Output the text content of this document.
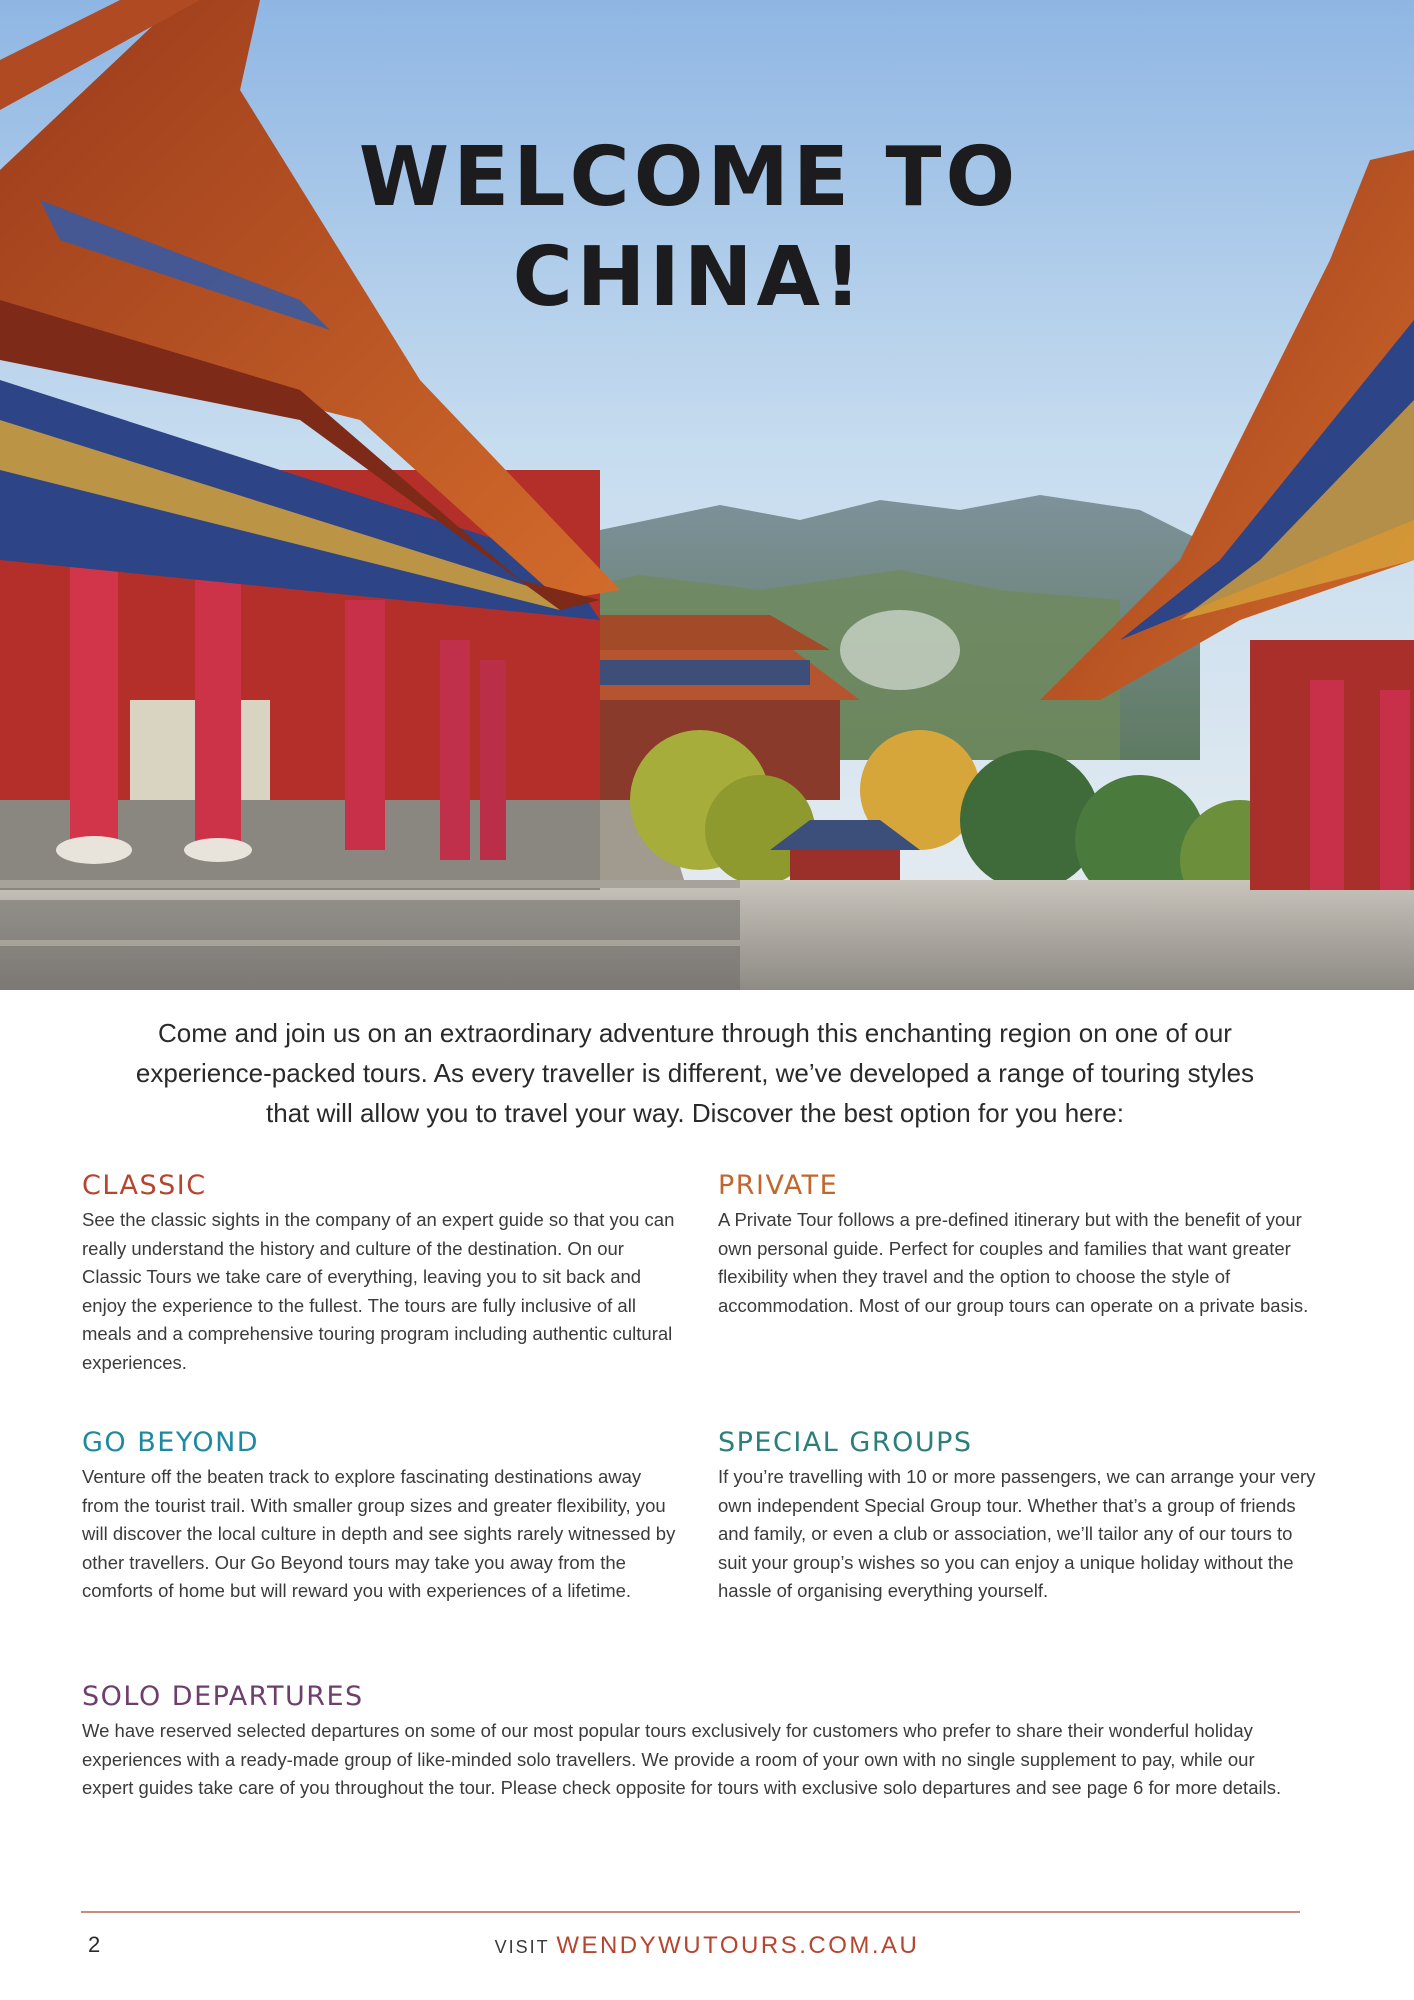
WELCOME TO
CHINA!

Come and join us on an extraordinary adventure through this enchanting region on one of our experience-packed tours. As every traveller is different, we’ve developed a range of touring styles that will allow you to travel your way. Discover the best option for you here:

CLASSIC

See the classic sights in the company of an expert guide so that you can really understand the history and culture of the destination. On our Classic Tours we take care of everything, leaving you to sit back and enjoy the experience to the fullest. The tours are fully inclusive of all meals and a comprehensive touring program including authentic cultural experiences.

PRIVATE

A Private Tour follows a pre-defined itinerary but with the benefit of your own personal guide. Perfect for couples and families that want greater flexibility when they travel and the option to choose the style of accommodation. Most of our group tours can operate on a private basis.

GO BEYOND

Venture off the beaten track to explore fascinating destinations away from the tourist trail. With smaller group sizes and greater flexibility, you will discover the local culture in depth and see sights rarely witnessed by other travellers. Our Go Beyond tours may take you away from the comforts of home but will reward you with experiences of a lifetime.

SPECIAL GROUPS

If you’re travelling with 10 or more passengers, we can arrange your very own independent Special Group tour. Whether that’s a group of friends and family, or even a club or association, we’ll tailor any of our tours to suit your group’s wishes so you can enjoy a unique holiday without the hassle of organising everything yourself.

SOLO DEPARTURES

We have reserved selected departures on some of our most popular tours exclusively for customers who prefer to share their wonderful holiday experiences with a ready-made group of like-minded solo travellers. We provide a room of your own with no single supplement to pay, while our expert guides take care of you throughout the tour. Please check opposite for tours with exclusive solo departures and see page 6 for more details.

2	VISIT WENDYWUTOURS.COM.AU
